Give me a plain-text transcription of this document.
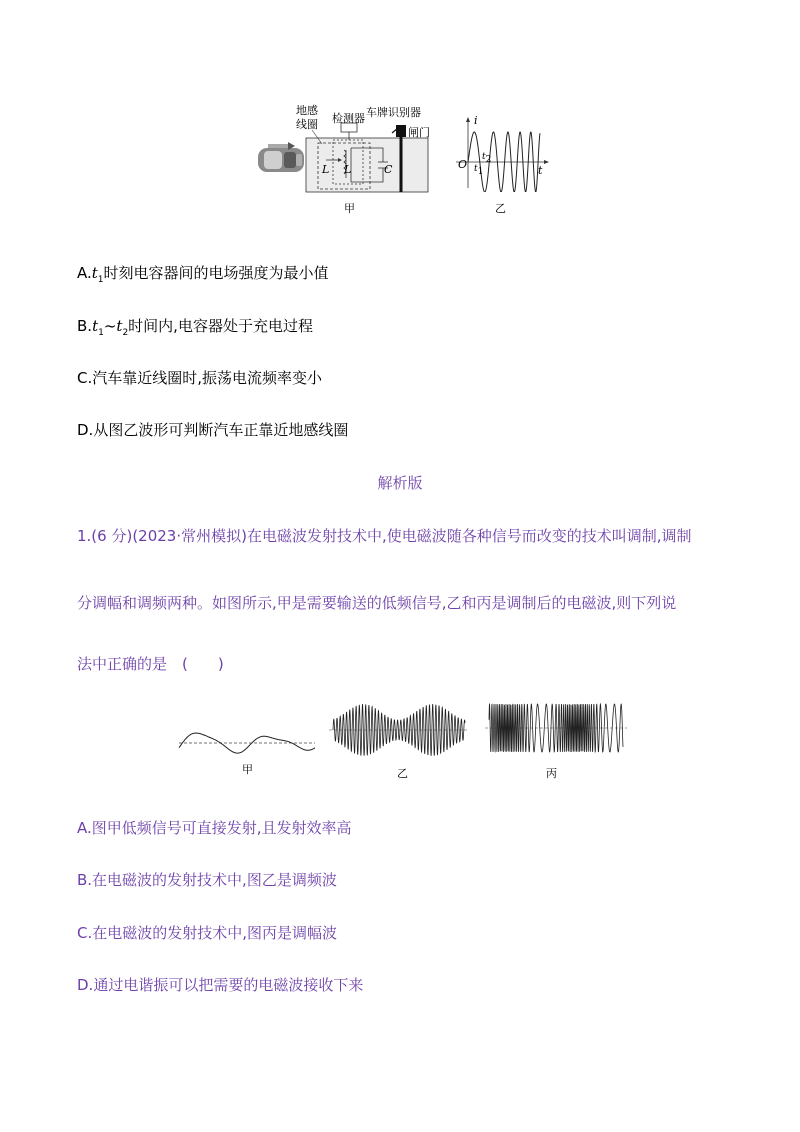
地感
线圈 检测器 车牌识别器
闸门
L L	C
甲
i
t
O $t_1$
$t_2$
乙
$A.t_1$时刻电容器间的电场强度为最小值
$B.t_1\sim t_2$时间内,电容器处于充电过程
C.汽车靠近线圈时,振荡电流频率变小
D.从图乙波形可判断汽车正靠近地感线圈
解析版
1.(6 分)(2023·常州模拟)在电磁波发射技术中,使电磁波随各种信号而改变的技术叫调制,调制
分调幅和调频两种。如图所示,甲是需要输送的低频信号,乙和丙是调制后的电磁波,则下列说
法中正确的是　(　　)
甲	乙	丙
A.图甲低频信号可直接发射,且发射效率高
B.在电磁波的发射技术中,图乙是调频波
C.在电磁波的发射技术中,图丙是调幅波
D.通过电谐振可以把需要的电磁波接收下来
